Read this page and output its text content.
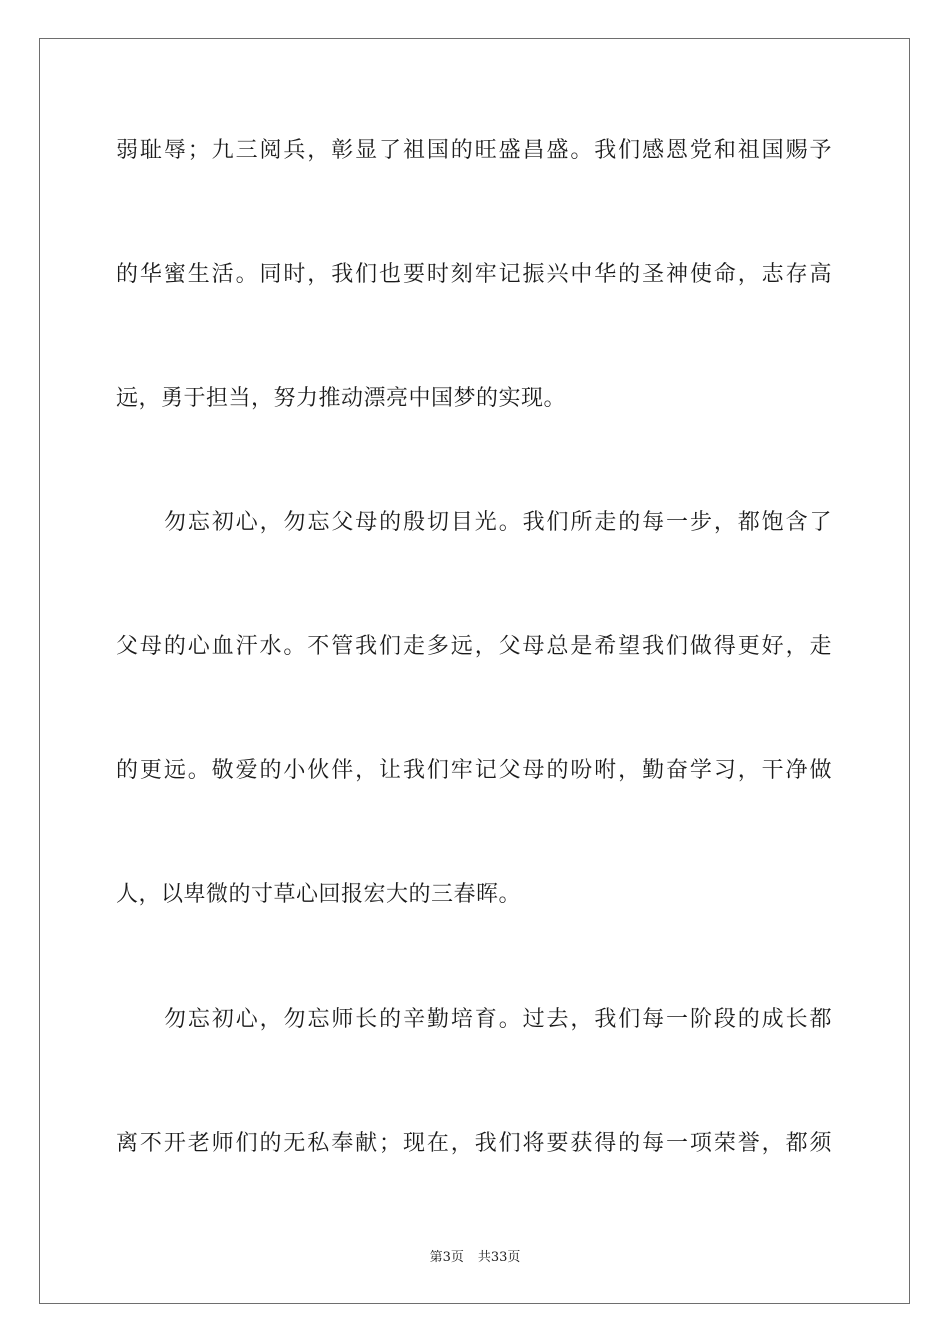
弱耻辱；九三阅兵，彰显了祖国的旺盛昌盛。我们感恩党和祖国赐予
的华蜜生活。同时，我们也要时刻牢记振兴中华的圣神使命，志存高
远，勇于担当，努力推动漂亮中国梦的实现。
勿忘初心，勿忘父母的殷切目光。我们所走的每一步，都饱含了
父母的心血汗水。不管我们走多远，父母总是希望我们做得更好，走
的更远。敬爱的小伙伴，让我们牢记父母的吩咐，勤奋学习，干净做
人，以卑微的寸草心回报宏大的三春晖。
勿忘初心，勿忘师长的辛勤培育。过去，我们每一阶段的成长都
离不开老师们的无私奉献；现在，我们将要获得的每一项荣誉，都须
第3页 共33页
